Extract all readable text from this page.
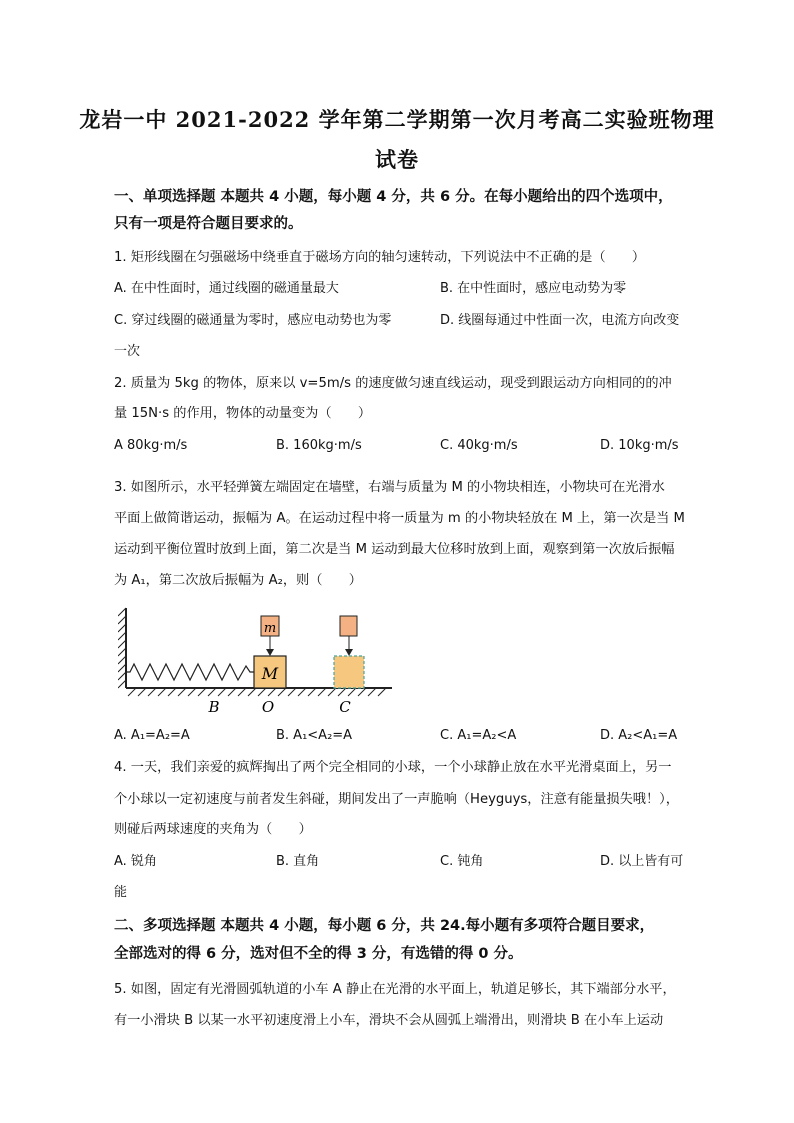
龙岩一中 2021-2022 学年第二学期第一次月考高二实验班物理
试卷
一、单项选择题 本题共 4 小题，每小题 4 分，共 6 分。在每小题给出的四个选项中，
只有一项是符合题目要求的。
1. 矩形线圈在匀强磁场中绕垂直于磁场方向的轴匀速转动，下列说法中不正确的是（　　）
A. 在中性面时，通过线圈的磁通量最大	B. 在中性面时，感应电动势为零
C. 穿过线圈的磁通量为零时，感应电动势也为零	D. 线圈每通过中性面一次，电流方向改变
一次
2. 质量为 5kg 的物体，原来以 v=5m/s 的速度做匀速直线运动，现受到跟运动方向相同的的冲
量 15N·s 的作用，物体的动量变为（　　）
A 80kg·m/s	B. 160kg·m/s	C. 40kg·m/s	D. 10kg·m/s
3. 如图所示，水平轻弹簧左端固定在墙壁，右端与质量为 M 的小物块相连，小物块可在光滑水
平面上做简谐运动，振幅为 A。在运动过程中将一质量为 m 的小物块轻放在 M 上，第一次是当 M
运动到平衡位置时放到上面，第二次是当 M 运动到最大位移时放到上面，观察到第一次放后振幅
为 A₁，第二次放后振幅为 A₂，则（　　）
M
m
B	O	C
A. A₁=A₂=A	B. A₁<A₂=A	C. A₁=A₂<A	D. A₂<A₁=A
4. 一天，我们亲爱的疯辉掏出了两个完全相同的小球，一个小球静止放在水平光滑桌面上，另一
个小球以一定初速度与前者发生斜碰，期间发出了一声脆响（Heyguys，注意有能量损失哦！），
则碰后两球速度的夹角为（　　）
A. 锐角	B. 直角	C. 钝角	D. 以上皆有可
能
二、多项选择题 本题共 4 小题，每小题 6 分，共 24.每小题有多项符合题目要求，
全部选对的得 6 分，选对但不全的得 3 分，有选错的得 0 分。
5. 如图，固定有光滑圆弧轨道的小车 A 静止在光滑的水平面上，轨道足够长，其下端部分水平，
有一小滑块 B 以某一水平初速度滑上小车，滑块不会从圆弧上端滑出，则滑块 B 在小车上运动
